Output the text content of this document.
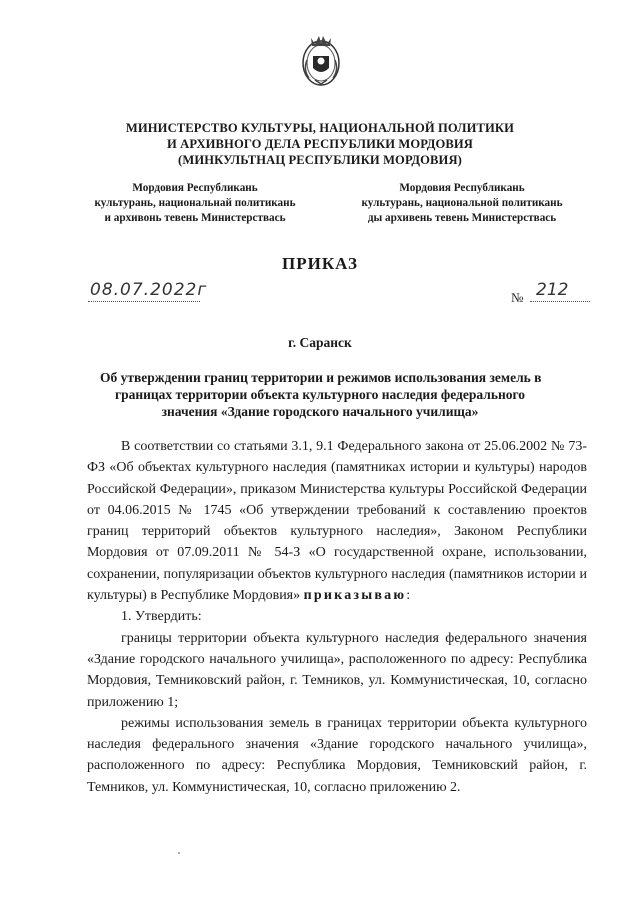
МИНИСТЕРСТВО КУЛЬТУРЫ, НАЦИОНАЛЬНОЙ ПОЛИТИКИ
И АРХИВНОГО ДЕЛА РЕСПУБЛИКИ МОРДОВИЯ
(МИНКУЛЬТНАЦ РЕСПУБЛИКИ МОРДОВИЯ)
Мордовия Республикань
культурань, национальнай политикань
и архивонь тевень Министерствась
Мордовия Республикань
культурань, национальной политикань
ды архивень тевень Министерствась
ПРИКАЗ
08.07.2022г	№ 212
г. Саранск
Об утверждении границ территории и режимов использования земель в
границах территории объекта культурного наследия федерального
значения «Здание городского начального училища»

В соответствии со статьями 3.1, 9.1 Федерального закона от 25.06.2002 № 73-ФЗ «Об объектах культурного наследия (памятниках истории и культуры) народов Российской Федерации», приказом Министерства культуры Российской Федерации от 04.06.2015 № 1745 «Об утверждении требований к составлению проектов границ территорий объектов культурного наследия», Законом Республики Мордовия от 07.09.2011 № 54-З «О государственной охране, использовании, сохранении, популяризации объектов культурного наследия (памятников истории и культуры) в Республике Мордовия» приказываю:

1. Утвердить:

границы территории объекта культурного наследия федерального значения «Здание городского начального училища», расположенного по адресу: Республика Мордовия, Темниковский район, г. Темников, ул. Коммунистическая, 10, согласно приложению 1;

режимы использования земель в границах территории объекта культурного наследия федерального значения «Здание городского начального училища», расположенного по адресу: Республика Мордовия, Темниковский район, г. Темников, ул. Коммунистическая, 10, согласно приложению 2.
